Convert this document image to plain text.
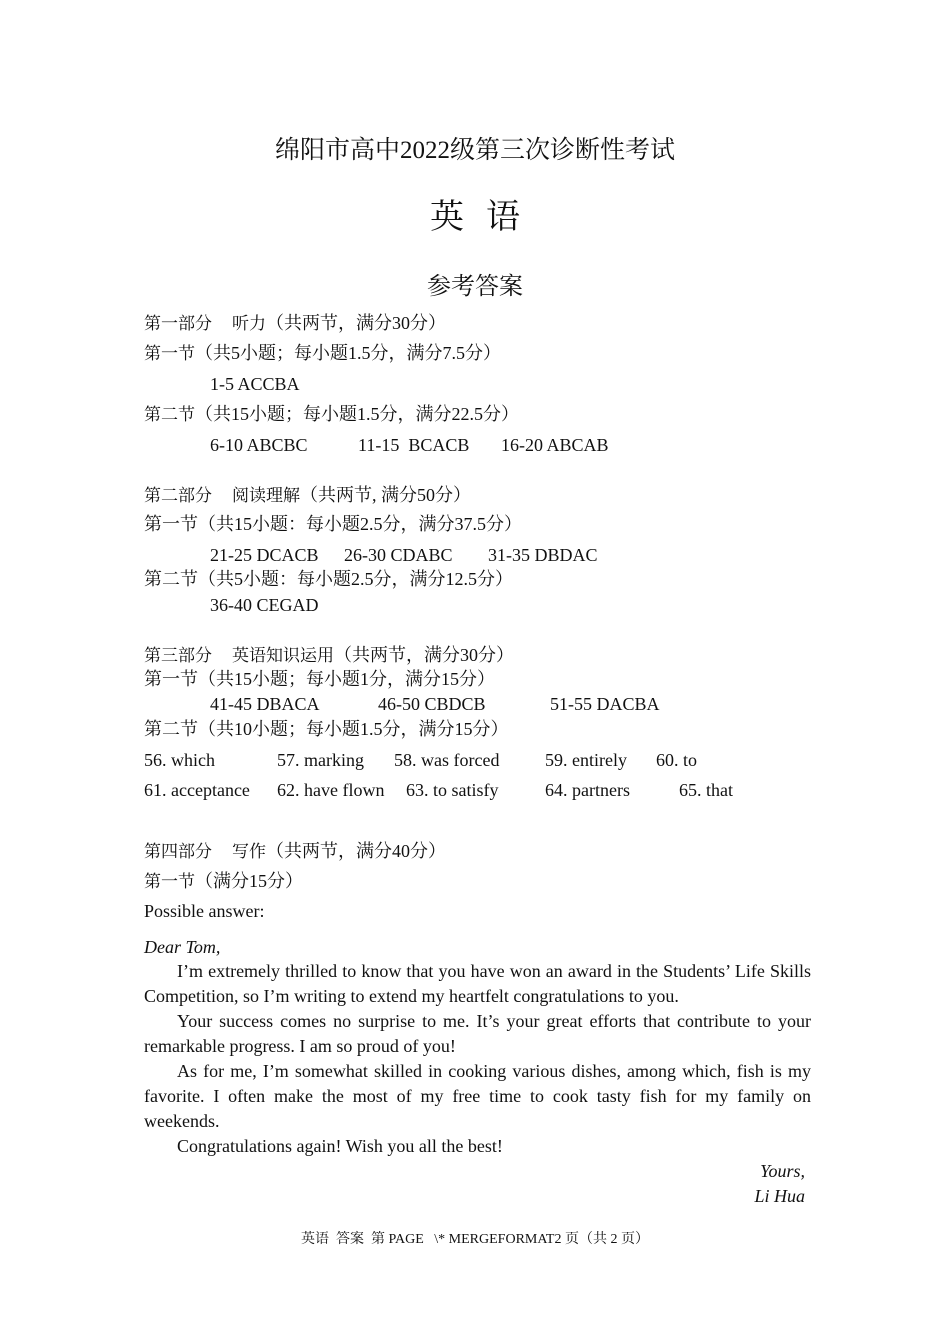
绵阳市高中2022级第三次诊断性考试
英语
参考答案
第一部分 听力（共两节，满分30分）
第一节（共5小题；每小题1.5分，满分7.5分）
1-5 ACCBA
第二节（共15小题；每小题1.5分，满分22.5分）
6-10 ABCBC	11-15  BCACB 16-20 ABCAB
第二部分 阅读理解（共两节, 满分50分）
第一节（共15小题：每小题2.5分，满分37.5分）
21-25 DCACB 26-30 CDABC 31-35 DBDAC
第二节（共5小题：每小题2.5分，满分12.5分）
36-40 CEGAD
第三部分 英语知识运用（共两节，满分30分）
第一节（共15小题；每小题1分，满分15分）
41-45 DBACA	46-50 CBDCB	51-55 DACBA
第二节（共10小题；每小题1.5分，满分15分）
56. which	57. marking 58. was forced	59. entirely 60. to
61. acceptance 62. have flown 63. to satisfy	64. partners	65. that
第四部分 写作（共两节，满分40分）
第一节（满分15分）
Possible answer:
Dear Tom,

I’m extremely thrilled to know that you have won an award in the Students’ Life Skills Competition, so I’m writing to extend my heartfelt congratulations to you.

Your success comes no surprise to me. It’s your great efforts that contribute to your remarkable progress. I am so proud of you!

As for me, I’m somewhat skilled in cooking various dishes, among which, fish is my favorite. I often make the most of my free time to cook tasty fish for my family on weekends.

Congratulations again! Wish you all the best!

Yours,
Li Hua
英语  答案  第 PAGE   \* MERGEFORMAT2 页（共 2 页）
